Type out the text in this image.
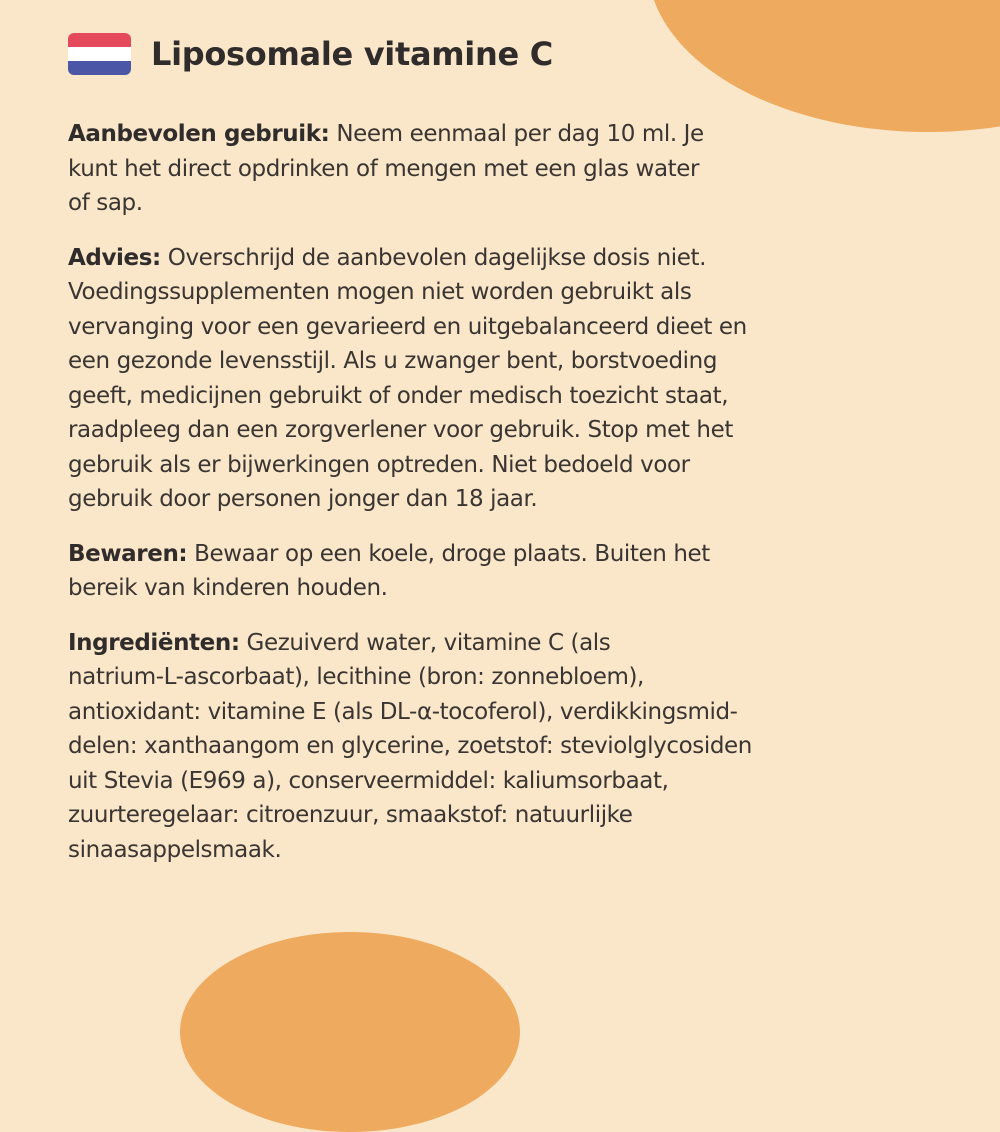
Liposomale vitamine C
Aanbevolen gebruik: Neem eenmaal per dag 10 ml. Je
kunt het direct opdrinken of mengen met een glas water
of sap.
Advies: Overschrijd de aanbevolen dagelijkse dosis niet.
Voedingssupplementen mogen niet worden gebruikt als
vervanging voor een gevarieerd en uitgebalanceerd dieet en
een gezonde levensstijl. Als u zwanger bent, borstvoeding
geeft, medicijnen gebruikt of onder medisch toezicht staat,
raadpleeg dan een zorgverlener voor gebruik. Stop met het
gebruik als er bijwerkingen optreden. Niet bedoeld voor
gebruik door personen jonger dan 18 jaar.
Bewaren: Bewaar op een koele, droge plaats. Buiten het
bereik van kinderen houden.
Ingrediënten: Gezuiverd water, vitamine C (als
natrium-L-ascorbaat), lecithine (bron: zonnebloem),
antioxidant: vitamine E (als DL-α-tocoferol), verdikkingsmid-
delen: xanthaangom en glycerine, zoetstof: steviolglycosiden
uit Stevia (E969 a), conserveermiddel: kaliumsorbaat,
zuurteregelaar: citroenzuur, smaakstof: natuurlijke
sinaasappelsmaak.
